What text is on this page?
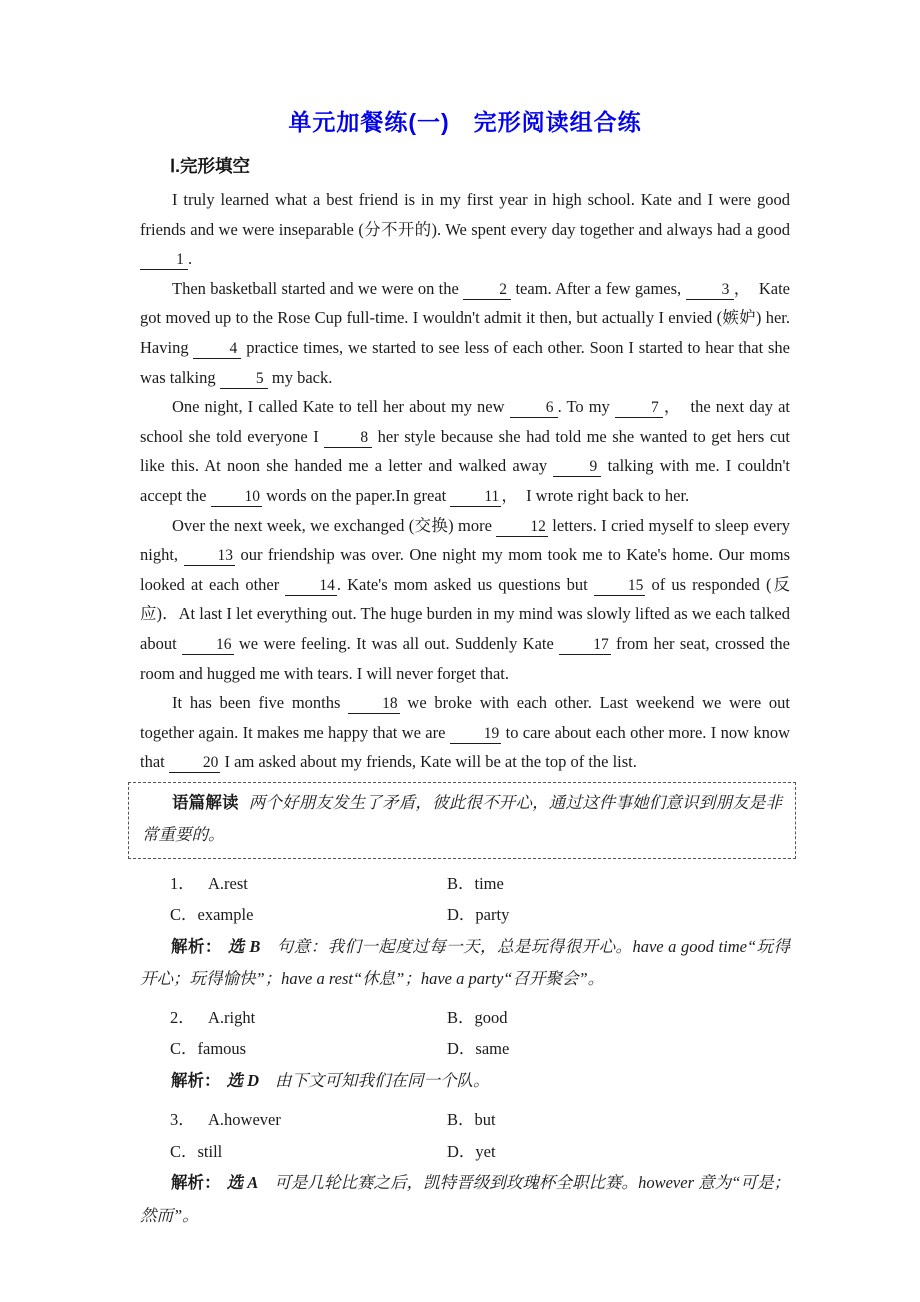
单元加餐练(一)　完形阅读组合练
Ⅰ.完形填空

I truly learned what a best friend is in my first year in high school. Kate and I were good friends and we were inseparable (分不开的). We spent every day together and always had a good 1 .

Then basketball started and we were on the 2 team. After a few games, 3 ，　Kate got moved up to the Rose Cup full-time. I wouldn't admit it then, but actually I envied (嫉妒) her. Having 4 practice times, we started to see less of each other. Soon I started to hear that she was talking 5 my back.

One night, I called Kate to tell her about my new 6 . To my 7 ，　the next day at school she told everyone I 8 her style because she had told me she wanted to get hers cut like this. At noon she handed me a letter and walked away 9 talking with me. I couldn't accept the 10 words on the paper.In great 11 ，　I wrote right back to her.

Over the next week, we exchanged (交换) more 12 letters. I cried myself to sleep every night, 13 our friendship was over. One night my mom took me to Kate's home. Our moms looked at each other 14 . Kate's mom asked us questions but 15 of us responded (反应)．At last I let everything out. The huge burden in my mind was slowly lifted as we each talked about 16 we were feeling. It was all out. Suddenly Kate 17 from her seat, crossed the room and hugged me with tears. I will never forget that.

It has been five months 18 we broke with each other. Last weekend we were out together again. It makes me happy that we are 19 to care about each other more. I now know that 20 I am asked about my friends, Kate will be at the top of the list.

语篇解读 两个好朋友发生了矛盾，彼此很不开心，通过这件事她们意识到朋友是非常重要的。

1． A.rest	B．time
C．example	D．party

解析： 选 B 句意：我们一起度过每一天，总是玩得很开心。have a good time“玩得开心；玩得愉快”；have a rest“休息”；have a party“召开聚会”。

2． A.right	B．good
C．famous	D．same

解析： 选 D 由下文可知我们在同一个队。

3． A.however	B．but
C．still	D．yet

解析： 选 A 可是几轮比赛之后，凯特晋级到玫瑰杯全职比赛。however 意为“可是；然而”。
